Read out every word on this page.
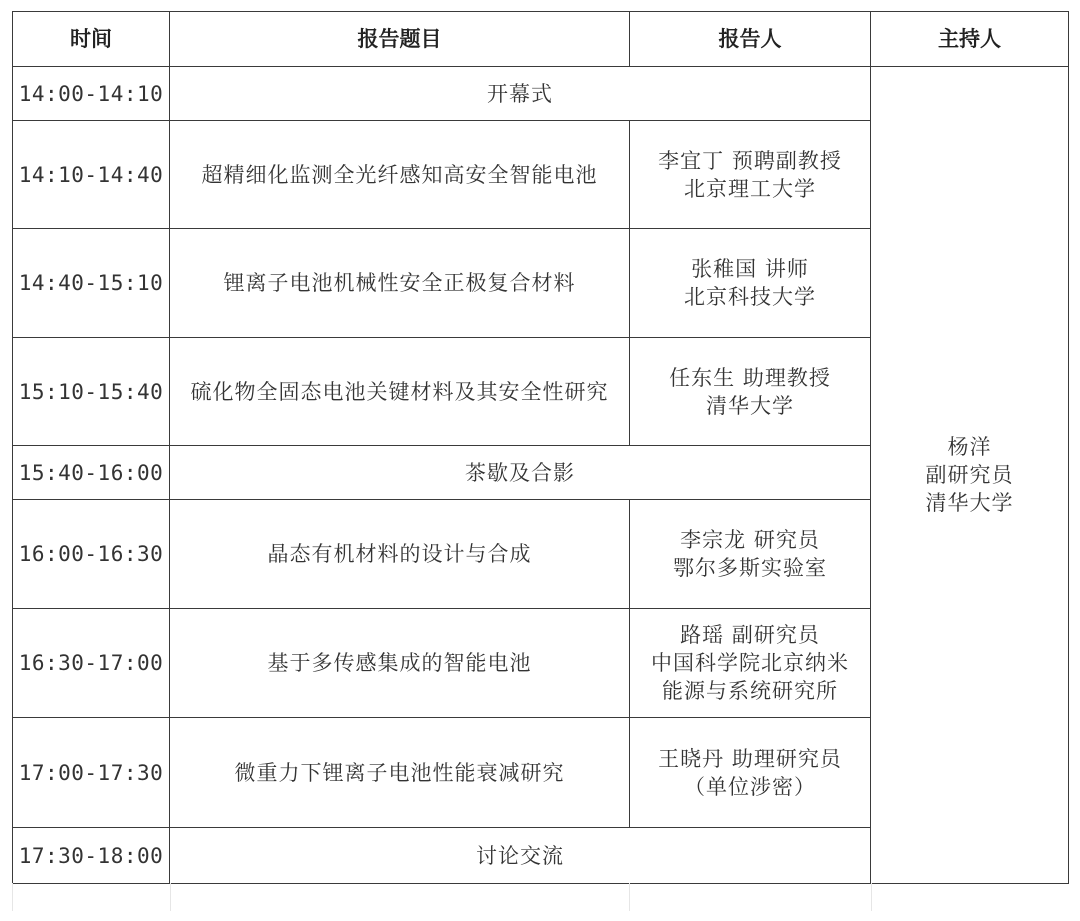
时间	报告题目	报告人	主持人
14:00-14:10	开幕式		杨洋
副研究员
清华大学

14:10-14:40	超精细化监测全光纤感知高安全智能电池	李宜丁 预聘副教授
北京理工大学	

14:40-15:10	锂离子电池机械性安全正极复合材料	张稚国 讲师
北京科技大学	

15:10-15:40	硫化物全固态电池关键材料及其安全性研究	任东生 助理教授
清华大学	

15:40-16:00	茶歇及合影		
16:00-16:30	晶态有机材料的设计与合成	李宗龙 研究员
鄂尔多斯实验室	

16:30-17:00	基于多传感集成的智能电池	路瑶 副研究员
中国科学院北京纳米
能源与系统研究所	

17:00-17:30	微重力下锂离子电池性能衰减研究	王晓丹 助理研究员
（单位涉密）	

17:30-18:00	讨论交流		
